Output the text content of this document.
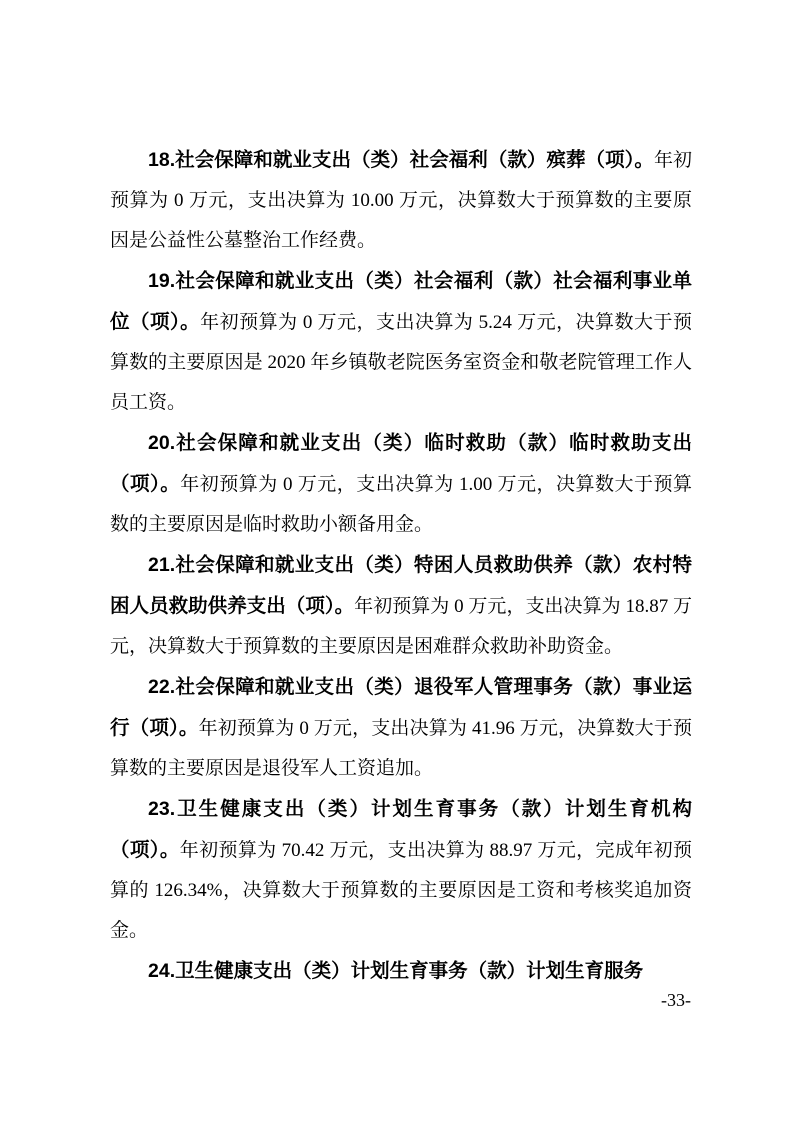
18.社会保障和就业支出（类）社会福利（款）殡葬（项）。年初预算为 0 万元，支出决算为 10.00 万元，决算数大于预算数的主要原因是公益性公墓整治工作经费。

19.社会保障和就业支出（类）社会福利（款）社会福利事业单位（项）。年初预算为 0 万元，支出决算为 5.24 万元，决算数大于预算数的主要原因是 2020 年乡镇敬老院医务室资金和敬老院管理工作人员工资。

20.社会保障和就业支出（类）临时救助（款）临时救助支出（项）。年初预算为 0 万元，支出决算为 1.00 万元，决算数大于预算数的主要原因是临时救助小额备用金。

21.社会保障和就业支出（类）特困人员救助供养（款）农村特困人员救助供养支出（项）。年初预算为 0 万元，支出决算为 18.87 万元，决算数大于预算数的主要原因是困难群众救助补助资金。

22.社会保障和就业支出（类）退役军人管理事务（款）事业运行（项）。年初预算为 0 万元，支出决算为 41.96 万元，决算数大于预算数的主要原因是退役军人工资追加。

23.卫生健康支出（类）计划生育事务（款）计划生育机构（项）。年初预算为 70.42 万元，支出决算为 88.97 万元，完成年初预算的 126.34%，决算数大于预算数的主要原因是工资和考核奖追加资金。

24.卫生健康支出（类）计划生育事务（款）计划生育服务

-33-
